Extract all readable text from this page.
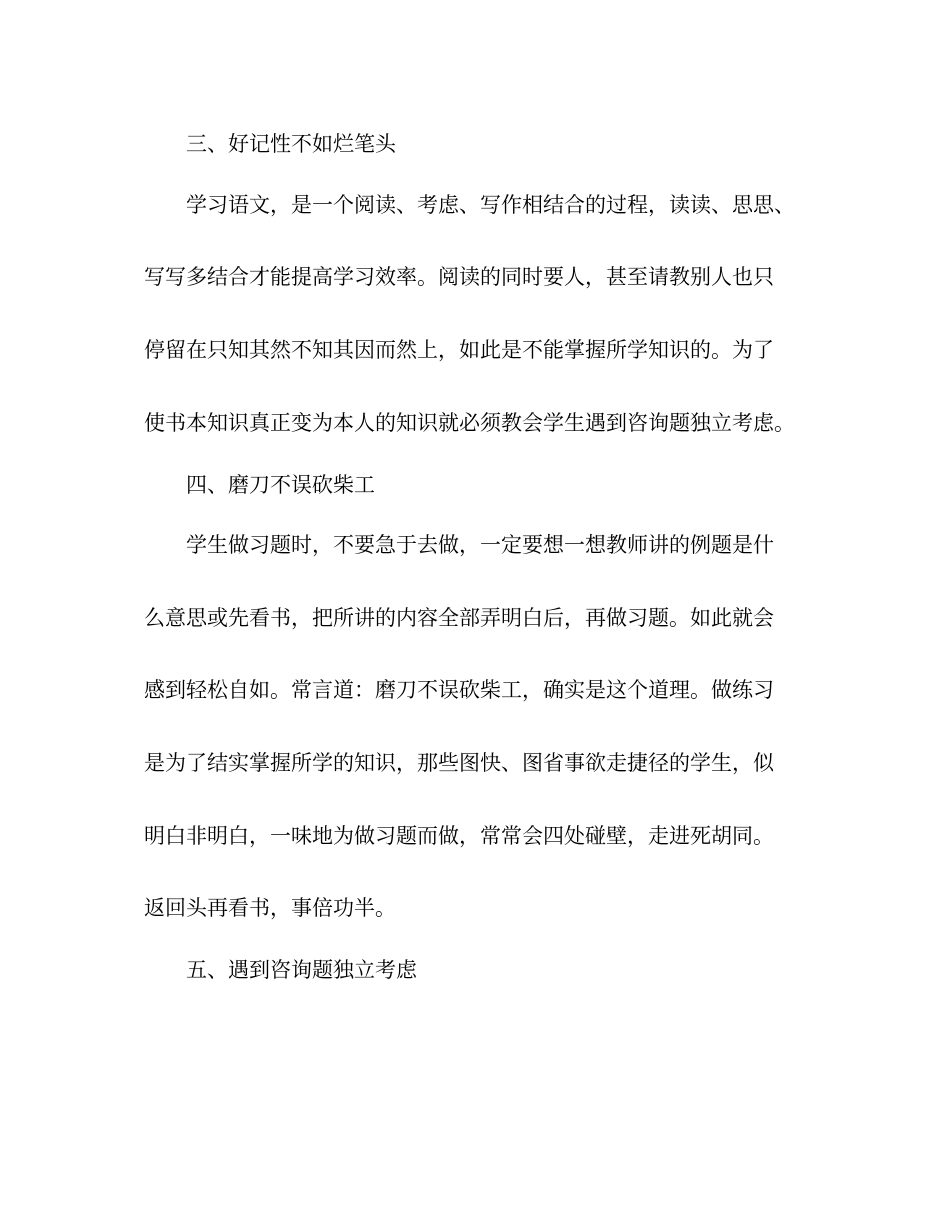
三、好记性不如烂笔头
学习语文，是一个阅读、考虑、写作相结合的过程，读读、思思、
写写多结合才能提高学习效率。阅读的同时要人，甚至请教别人也只
停留在只知其然不知其因而然上，如此是不能掌握所学知识的。为了
使书本知识真正变为本人的知识就必须教会学生遇到咨询题独立考虑。
四、磨刀不误砍柴工
学生做习题时，不要急于去做，一定要想一想教师讲的例题是什
么意思或先看书，把所讲的内容全部弄明白后，再做习题。如此就会
感到轻松自如。常言道：磨刀不误砍柴工，确实是这个道理。做练习
是为了结实掌握所学的知识，那些图快、图省事欲走捷径的学生，似
明白非明白，一味地为做习题而做，常常会四处碰壁，走进死胡同。
返回头再看书，事倍功半。
五、遇到咨询题独立考虑
